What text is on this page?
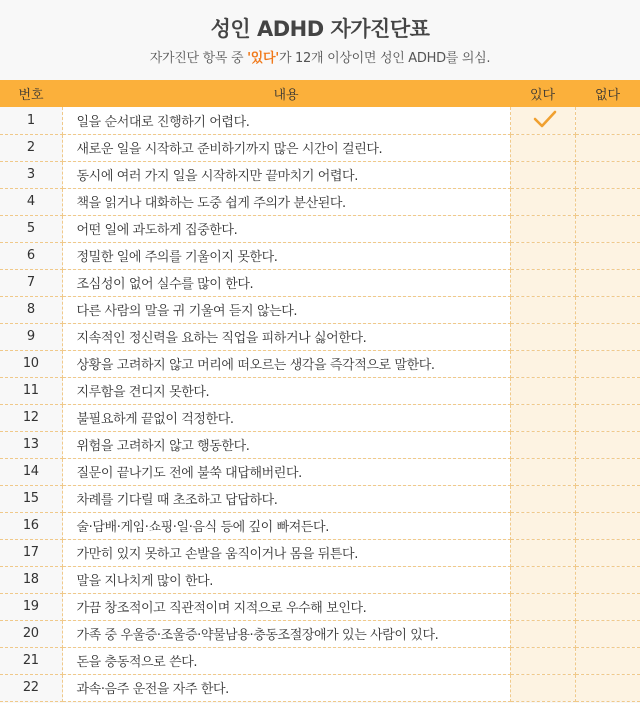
성인 ADHD 자가진단표
자가진단 항목 중 '있다'가 12개 이상이면 성인 ADHD를 의심.
번호	내용	있다	없다
1	일을 순서대로 진행하기 어렵다.	

2	새로운 일을 시작하고 준비하기까지 많은 시간이 걸린다.		
3	동시에 여러 가지 일을 시작하지만 끝마치기 어렵다.		
4	책을 읽거나 대화하는 도중 쉽게 주의가 분산된다.		
5	어떤 일에 과도하게 집중한다.		
6	정밀한 일에 주의를 기울이지 못한다.		
7	조심성이 없어 실수를 많이 한다.		
8	다른 사람의 말을 귀 기울여 듣지 않는다.		
9	지속적인 정신력을 요하는 직업을 피하거나 싫어한다.		
10	상황을 고려하지 않고 머리에 떠오르는 생각을 즉각적으로 말한다.		
11	지루함을 견디지 못한다.		
12	불필요하게 끝없이 걱정한다.		
13	위험을 고려하지 않고 행동한다.		
14	질문이 끝나기도 전에 불쑥 대답해버린다.		
15	차례를 기다릴 때 초조하고 답답하다.		
16	술·담배·게임·쇼핑·일·음식 등에 깊이 빠져든다.		
17	가만히 있지 못하고 손발을 움직이거나 몸을 뒤튼다.		
18	말을 지나치게 많이 한다.		
19	가끔 창조적이고 직관적이며 지적으로 우수해 보인다.		
20	가족 중 우울증·조울증·약물남용·충동조절장애가 있는 사람이 있다.		
21	돈을 충동적으로 쓴다.		
22	과속·음주 운전을 자주 한다.		
